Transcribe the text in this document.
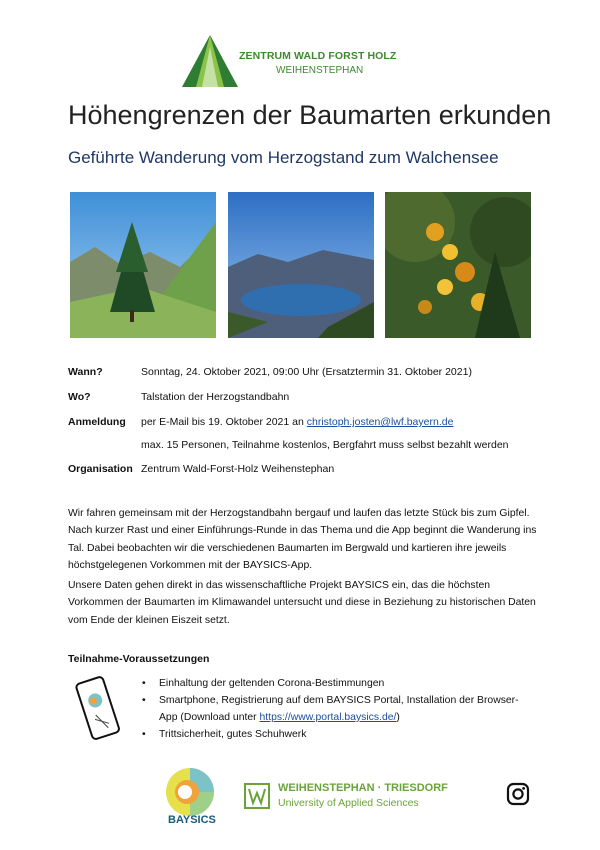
ZENTRUM WALD FORST HOLZ
WEIHENSTEPHAN
Höhengrenzen der Baumarten erkunden
Geführte Wanderung vom Herzogstand zum Walchensee
Wann?	Sonntag, 24. Oktober 2021, 09:00 Uhr (Ersatztermin 31. Oktober 2021)
Wo?	Talstation der Herzogstandbahn
Anmeldung per E-Mail bis 19. Oktober 2021 an christoph.josten@lwf.bayern.de
max. 15 Personen, Teilnahme kostenlos, Bergfahrt muss selbst bezahlt werden
Organisation Zentrum Wald-Forst-Holz Weihenstephan
Wir fahren gemeinsam mit der Herzogstandbahn bergauf und laufen das letzte Stück bis zum Gipfel. Nach kurzer Rast und einer Einführungs-Runde in das Thema und die App beginnt die Wanderung ins Tal. Dabei beobachten wir die verschiedenen Baumarten im Bergwald und kartieren ihre jeweils höchstgelegenen Vorkommen mit der BAYSICS-App.
Unsere Daten gehen direkt in das wissenschaftliche Projekt BAYSICS ein, das die höchsten Vorkommen der Baumarten im Klimawandel untersucht und diese in Beziehung zu historischen Daten vom Ende der kleinen Eiszeit setzt.
Teilnahme-Voraussetzungen
• Einhaltung der geltenden Corona-Bestimmungen
• Smartphone, Registrierung auf dem BAYSICS Portal, Installation der Browser-App (Download unter https://www.portal.baysics.de/)
• Trittsicherheit, gutes Schuhwerk
BAYSICS
WEIHENSTEPHAN · TRIESDORF
University of Applied Sciences
